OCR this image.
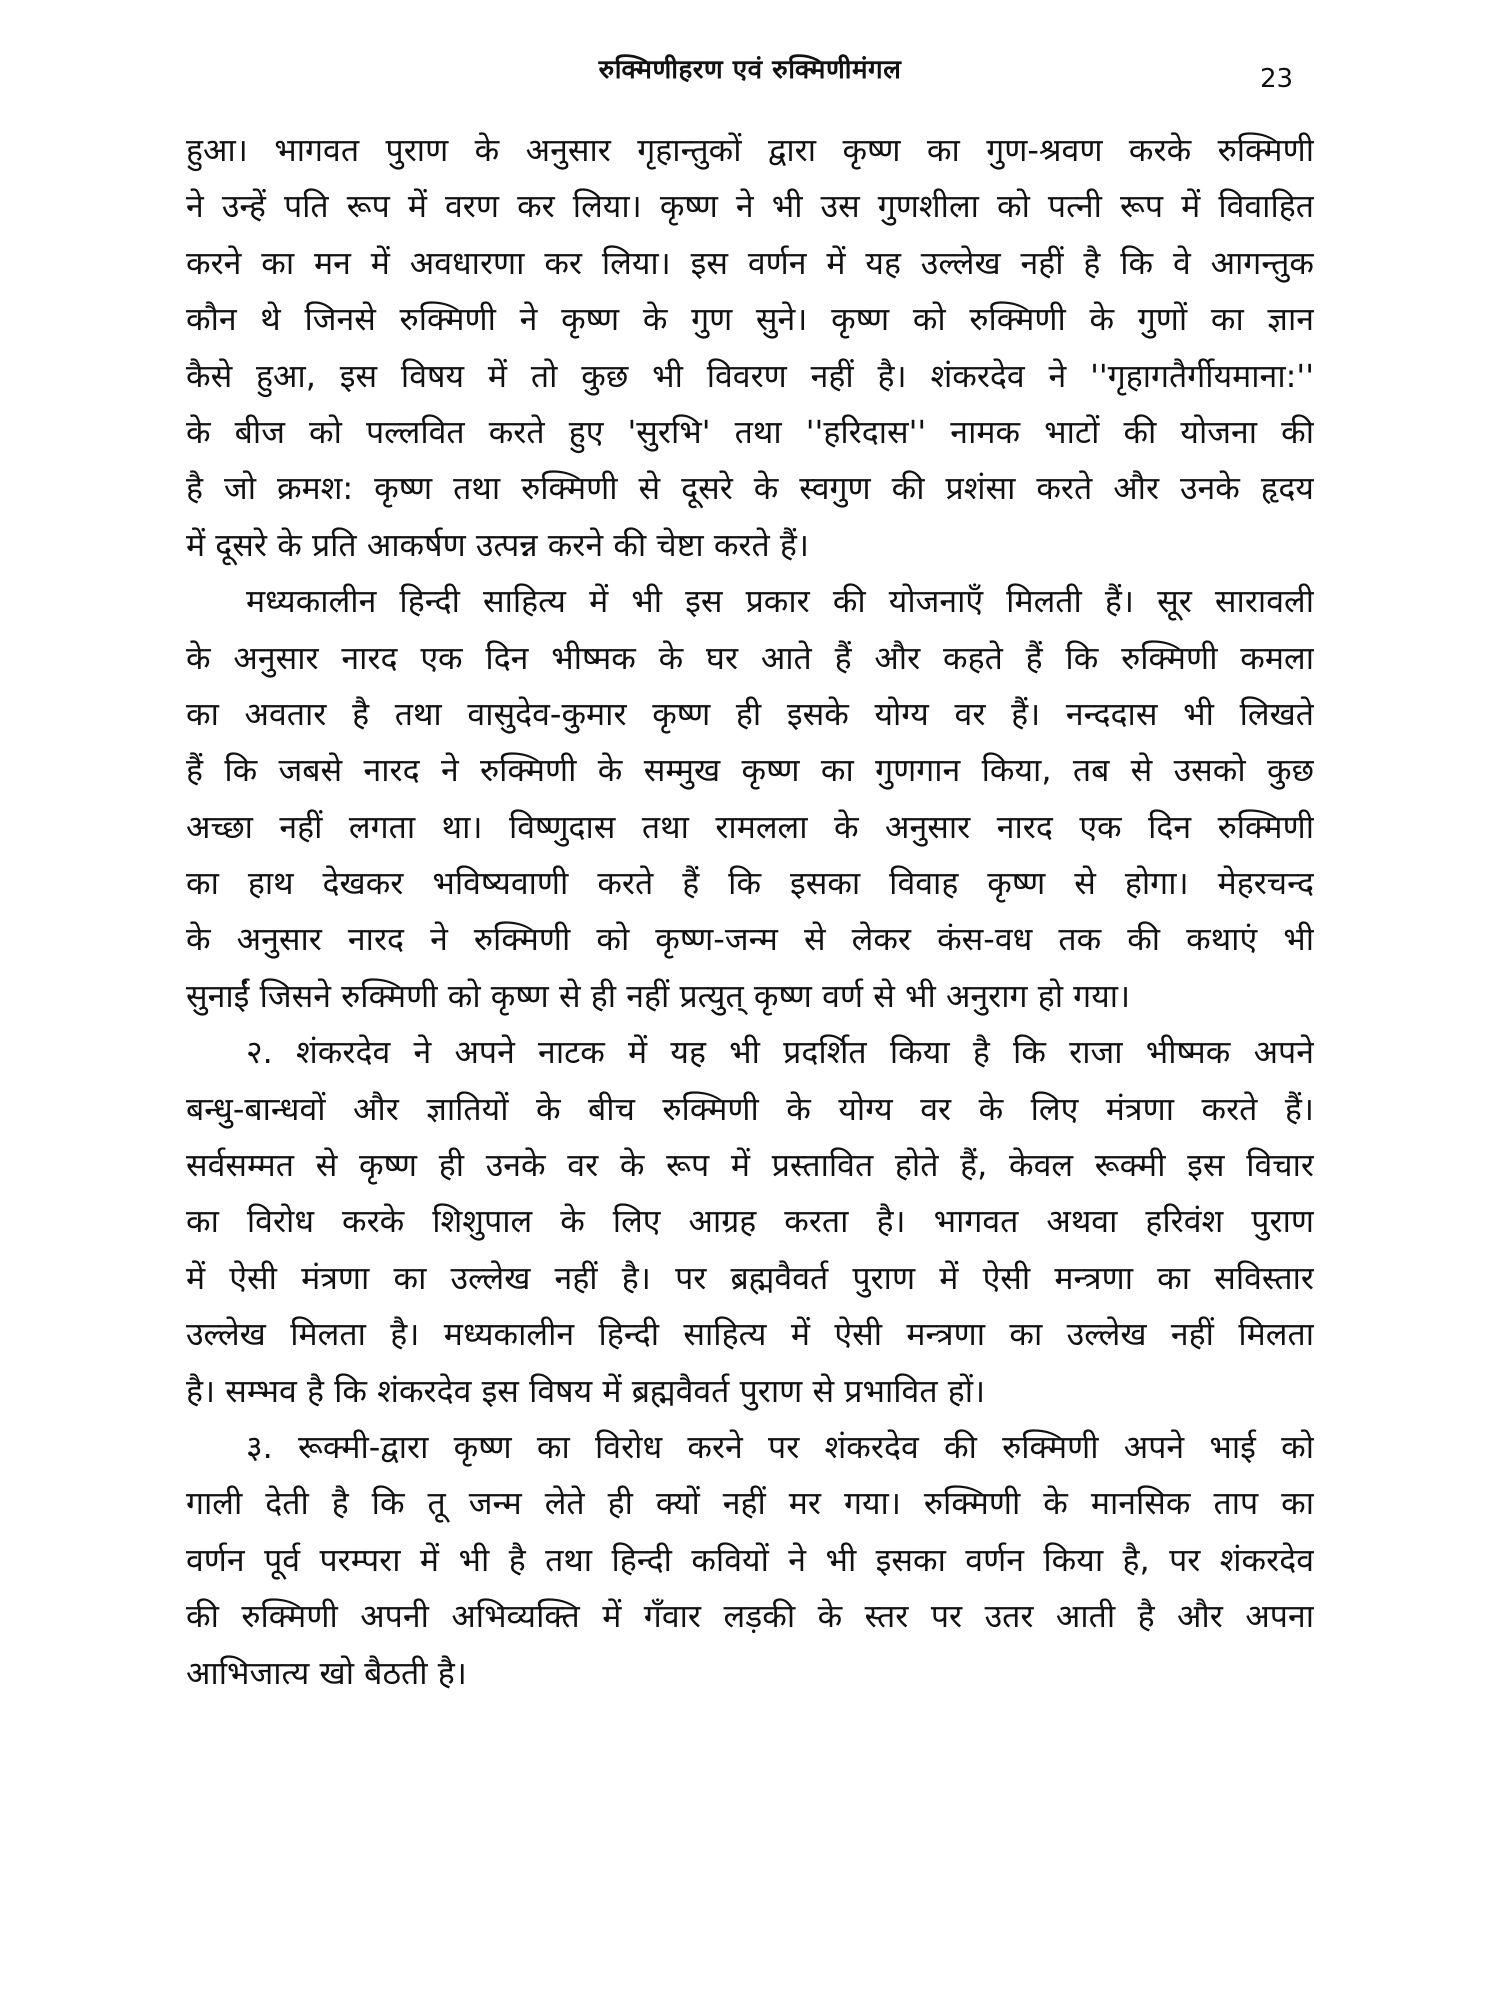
रुक्मिणीहरण एवं रुक्मिणीमंगल	23
हुआ। भागवत पुराण के अनुसार गृहान्तुकों द्वारा कृष्ण का गुण-श्रवण करके रुक्मिणी
ने उन्हें पति रूप में वरण कर लिया। कृष्ण ने भी उस गुणशीला को पत्नी रूप में विवाहित
करने का मन में अवधारणा कर लिया। इस वर्णन में यह उल्लेख नहीं है कि वे आगन्तुक
कौन थे जिनसे रुक्मिणी ने कृष्ण के गुण सुने। कृष्ण को रुक्मिणी के गुणों का ज्ञान
कैसे हुआ, इस विषय में तो कुछ भी विवरण नहीं है। शंकरदेव ने ''गृहागतैर्गीयमाना:''
के बीज को पल्लवित करते हुए 'सुरभि' तथा ''हरिदास'' नामक भाटों की योजना की
है जो क्रमश: कृष्ण तथा रुक्मिणी से दूसरे के स्वगुण की प्रशंसा करते और उनके हृदय
में दूसरे के प्रति आकर्षण उत्पन्न करने की चेष्टा करते हैं।
मध्यकालीन हिन्दी साहित्य में भी इस प्रकार की योजनाएँ मिलती हैं। सूर सारावली
के अनुसार नारद एक दिन भीष्मक के घर आते हैं और कहते हैं कि रुक्मिणी कमला
का अवतार है तथा वासुदेव-कुमार कृष्ण ही इसके योग्य वर हैं। नन्ददास भी लिखते
हैं कि जबसे नारद ने रुक्मिणी के सम्मुख कृष्ण का गुणगान किया, तब से उसको कुछ
अच्छा नहीं लगता था। विष्णुदास तथा रामलला के अनुसार नारद एक दिन रुक्मिणी
का हाथ देखकर भविष्यवाणी करते हैं कि इसका विवाह कृष्ण से होगा। मेहरचन्द
के अनुसार नारद ने रुक्मिणी को कृष्ण-जन्म से लेकर कंस-वध तक की कथाएं भी
सुनाईं जिसने रुक्मिणी को कृष्ण से ही नहीं प्रत्युत् कृष्ण वर्ण से भी अनुराग हो गया।
२. शंकरदेव ने अपने नाटक में यह भी प्रदर्शित किया है कि राजा भीष्मक अपने
बन्धु-बान्धवों और ज्ञातियों के बीच रुक्मिणी के योग्य वर के लिए मंत्रणा करते हैं।
सर्वसम्मत से कृष्ण ही उनके वर के रूप में प्रस्तावित होते हैं, केवल रूक्मी इस विचार
का विरोध करके शिशुपाल के लिए आग्रह करता है। भागवत अथवा हरिवंश पुराण
में ऐसी मंत्रणा का उल्लेख नहीं है। पर ब्रह्मवैवर्त पुराण में ऐसी मन्त्रणा का सविस्तार
उल्लेख मिलता है। मध्यकालीन हिन्दी साहित्य में ऐसी मन्त्रणा का उल्लेख नहीं मिलता
है। सम्भव है कि शंकरदेव इस विषय में ब्रह्मवैवर्त पुराण से प्रभावित हों।
३. रूक्मी-द्वारा कृष्ण का विरोध करने पर शंकरदेव की रुक्मिणी अपने भाई को
गाली देती है कि तू जन्म लेते ही क्यों नहीं मर गया। रुक्मिणी के मानसिक ताप का
वर्णन पूर्व परम्परा में भी है तथा हिन्दी कवियों ने भी इसका वर्णन किया है, पर शंकरदेव
की रुक्मिणी अपनी अभिव्यक्ति में गँवार लड़की के स्तर पर उतर आती है और अपना
आभिजात्य खो बैठती है।
